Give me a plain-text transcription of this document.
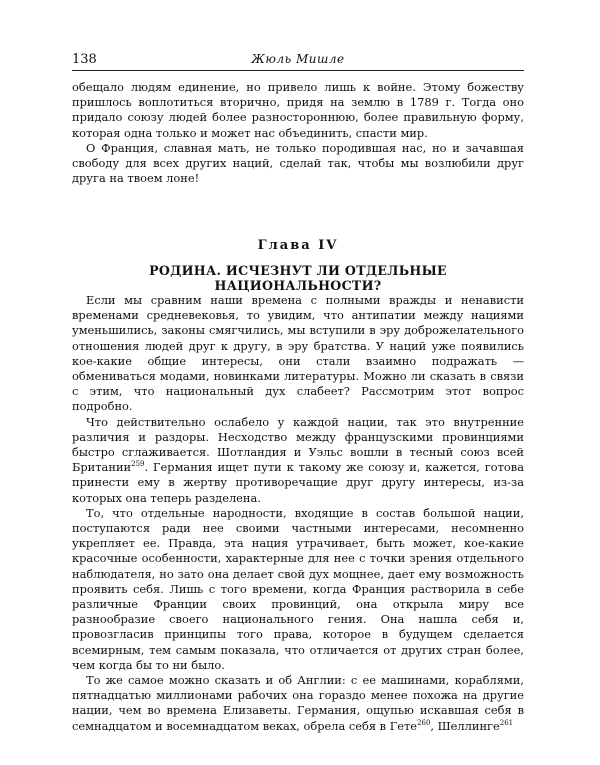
138	Жюль Мишле

обещало людям единение, но привело лишь к войне. Этому божеству пришлось воплотиться вторично, придя на землю в 1789 г. Тогда оно придало союзу людей более разностороннюю, более правильную форму, которая одна только и может нас объединить, спасти мир.

О Франция, славная мать, не только породившая нас, но и зачавшая свободу для всех других наций, сделай так, чтобы мы возлюбили друг друга на твоем лоне!

Глава IV
РОДИНА. ИСЧЕЗНУТ ЛИ ОТДЕЛЬНЫЕ НАЦИОНАЛЬНОСТИ?

Если мы сравним наши времена с полными вражды и ненависти временами средневековья, то увидим, что антипатии между нациями уменьшились, законы смягчились, мы вступили в эру доброжелательного отношения людей друг к другу, в эру братства. У наций уже появились кое-какие общие интересы, они стали взаимно подражать — обмениваться модами, новинками литературы. Можно ли сказать в связи с этим, что национальный дух слабеет? Рассмотрим этот вопрос подробно.

Что действительно ослабело у каждой нации, так это внутренние различия и раздоры. Несходство между французскими провинциями быстро сглаживается. Шотландия и Уэльс вошли в тесный союз всей Британии$^{259}$. Германия ищет пути к такому же союзу и, кажется, готова принести ему в жертву противоречащие друг другу интересы, из-за которых она теперь разделена.

То, что отдельные народности, входящие в состав большой нации, поступаются ради нее своими частными интересами, несомненно укрепляет ее. Правда, эта нация утрачивает, быть может, кое-какие красочные особенности, характерные для нее с точки зрения отдельного наблюдателя, но зато она делает свой дух мощнее, дает ему возможность проявить себя. Лишь с того времени, когда Франция растворила в себе различные Франции своих провинций, она открыла миру все разнообразие своего национального гения. Она нашла себя и, провозгласив принципы того права, которое в будущем сделается всемирным, тем самым показала, что отличается от других стран более, чем когда бы то ни было.

То же самое можно сказать и об Англии: с ее машинами, кораблями, пятнадцатью миллионами рабочих она гораздо менее похожа на другие нации, чем во времена Елизаветы. Германия, ощупью искавшая себя в семнадцатом и восемнадцатом веках, обрела себя в Гете$^{260}$, Шеллинге$^{261}$
